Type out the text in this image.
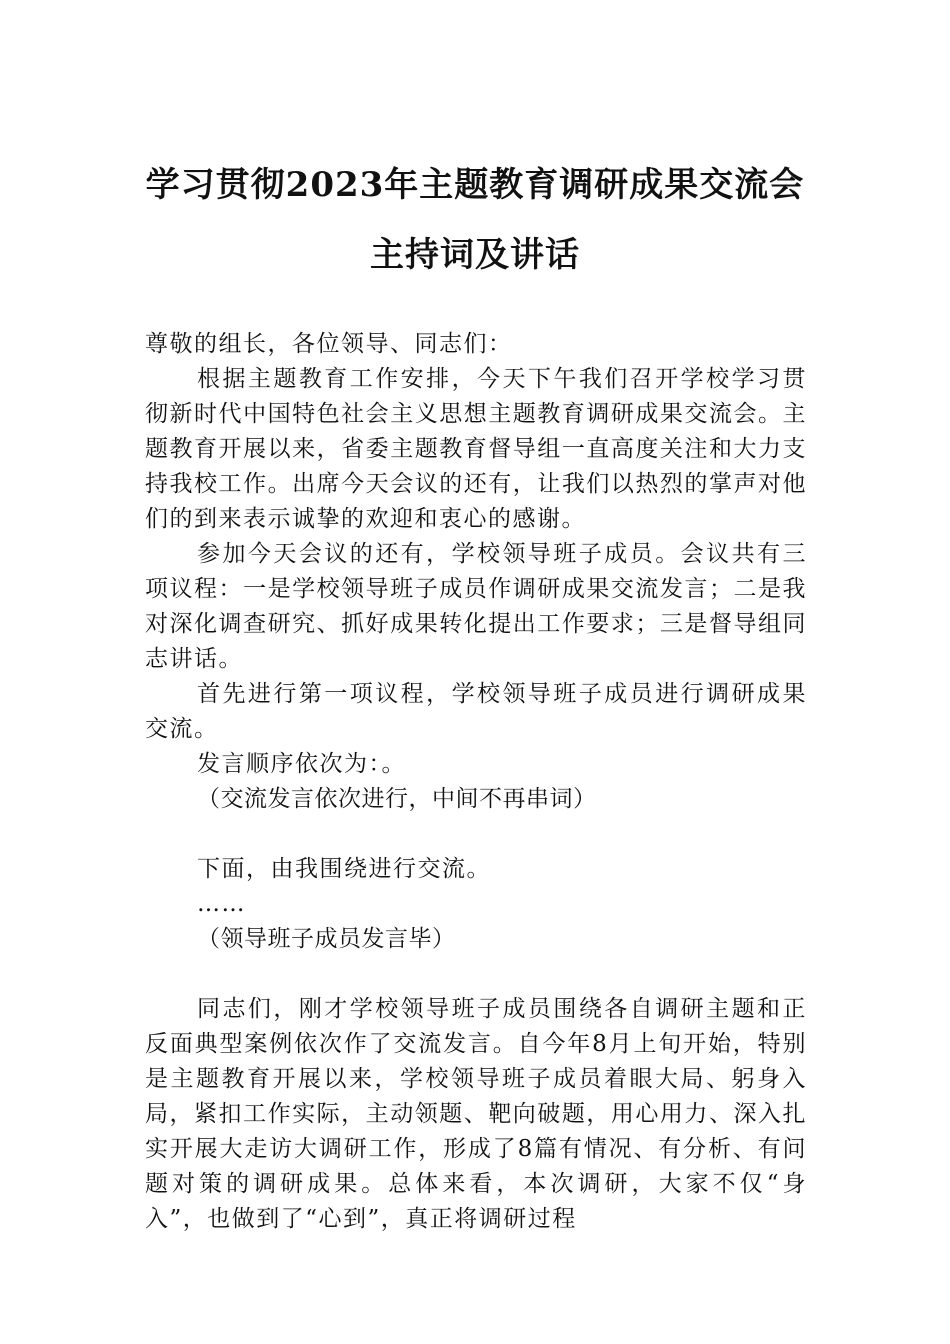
学习贯彻2023年主题教育调研成果交流会
主持词及讲话

尊敬的组长，各位领导、同志们：

根据主题教育工作安排，今天下午我们召开学校学习贯彻新时代中国特色社会主义思想主题教育调研成果交流会。主题教育开展以来，省委主题教育督导组一直高度关注和大力支持我校工作。出席今天会议的还有，让我们以热烈的掌声对他们的到来表示诚挚的欢迎和衷心的感谢。

参加今天会议的还有，学校领导班子成员。会议共有三项议程：一是学校领导班子成员作调研成果交流发言；二是我对深化调查研究、抓好成果转化提出工作要求；三是督导组同志讲话。

首先进行第一项议程，学校领导班子成员进行调研成果交流。

发言顺序依次为：。

（交流发言依次进行，中间不再串词）

下面，由我围绕进行交流。

……

（领导班子成员发言毕）

同志们，刚才学校领导班子成员围绕各自调研主题和正反面典型案例依次作了交流发言。自今年8月上旬开始，特别是主题教育开展以来，学校领导班子成员着眼大局、躬身入局，紧扣工作实际，主动领题、靶向破题，用心用力、深入扎实开展大走访大调研工作，形成了8篇有情况、有分析、有问题对策的调研成果。总体来看，本次调研，大家不仅“身入”，也做到了“心到”，真正将调研过程
